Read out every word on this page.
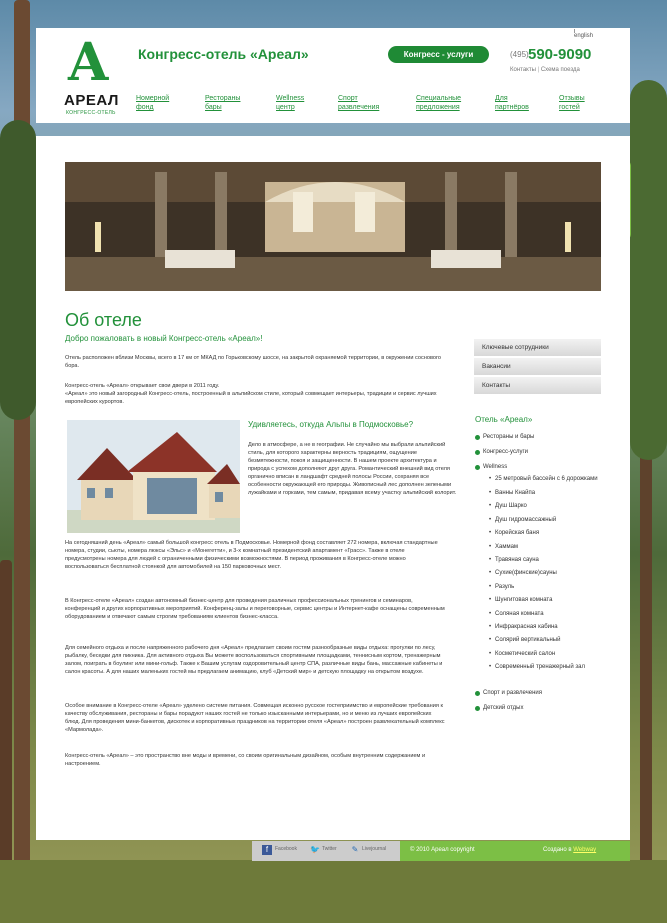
A
АРЕАЛ
КОНГРЕСС-ОТЕЛЬ
Конгресс-отель «Ареал»
english
Конгресс - услуги	(495) 590-9090
Контакты | Схема поезда
Номерной
фонд
Рестораны
бары
Wellness
центр
Спорт
развлечения
Специальные
предложения
Для
партнёров
Отзывы
гостей
Об отеле
Добро пожаловать в новый Конгресс-отель «Ареал»!
Отель расположен вблизи Москвы, всего в 17 км от МКАД по Горьковскому шоссе, на закрытой охраняемой территории, в окружении соснового бора.
Конгресс-отель «Ареал» открывает свои двери в 2011 году.
«Ареал» это новый загородный Конгресс-отель, построенный в альпийском стиле, который совмещает интерьеры, традиции и сервис лучших европейских курортов.
Удивляетесь, откуда Альпы в Подмосковье?
Дело в атмосфере, а не в географии. Не случайно мы выбрали альпийский стиль, для которого характерны верность традициям, ощущение безмятежности, покоя и защищенности. В нашем проекте архитектура и природа с успехом дополняют друг друга. Романтический внешний вид отеля органично вписан в ландшафт средней полосы России, сохраняя все особенности окружающей его природы. Живописный лес дополнен зелеными лужайками и горками, тем самым, придавая всему участку альпийский колорит.
На сегодняшний день «Ареал» самый большой конгресс отель в Подмосковье. Номерной фонд составляет 272 номера, включая стандартные номера, студии, сьюты, номера люксы «Эльс» и «Монегетти», и 3-х комнатный президентский апартамент «Грасс». Также в отеле предусмотрены номера для людей с ограниченными физическими возможностями. В период проживания в Конгресс-отеле можно воспользоваться бесплатной стоянкой для автомобилей на 150 парковочных мест.
В Конгресс-отеле «Ареал» создан автономный бизнес-центр для проведения различных профессиональных тренингов и семинаров, конференций и других корпоративных мероприятий. Конференц-залы и переговорные, сервис центры и Интернет-кафе оснащены современным оборудованием и отвечают самым строгим требованиям клиентов бизнес-класса.
Для семейного отдыха и после напряженного рабочего дня «Ареал» предлагает своим гостям разнообразные виды отдыха: прогулки по лесу, рыбалку, беседки для пикника. Для активного отдыха Вы можете воспользоваться спортивными площадками, теннисным кортом, тренажерным залом, поиграть в боулинг или мини-гольф. Также к Вашим услугам оздоровительный центр СПА, различные виды бань, массажные кабинеты и салон красоты. А для наших маленьких гостей мы предлагаем анимацию, клуб «Детский мир» и детскую площадку на открытом воздухе.
Особое внимание в Конгресс-отеле «Ареал» уделено системе питания. Совмещая исконно русское гостеприимство и европейские требования к качеству обслуживания, рестораны и бары порадуют наших гостей не только изысканными интерьерами, но и меню из лучших европейских блюд. Для проведения мини-банкетов, дискотек и корпоративных праздников на территории отеля «Ареал» построен развлекательный комплекс «Мармолада».
Конгресс-отель «Ареал» – это пространство вне моды и времени, со своим оригинальным дизайном, особым внутренним содержанием и настроением.
Ключевые сотрудники
Вакансии
Контакты
Отель «Ареал»
Рестораны и бары
Конгресс-услуги
Wellness
• 25 метровый бассейн с 6 дорожками
• Ванны Кнайпа
• Душ Шарко
• Душ гидромассажный
• Корейская баня
• Хаммам
• Травяная сауна
• Сухие(финские)сауны
• Разуль
• Шунгитовая комната
• Соляная комната
• Инфракрасная кабина
• Солярий вертикальный
• Косметический салон
• Современный тренажерный зал
Спорт и развлечения
Детский отдых
f	Facebook 🐦 Twitter ✎ Livejournal	© 2010 Ареал copyright	Создано в Webway
